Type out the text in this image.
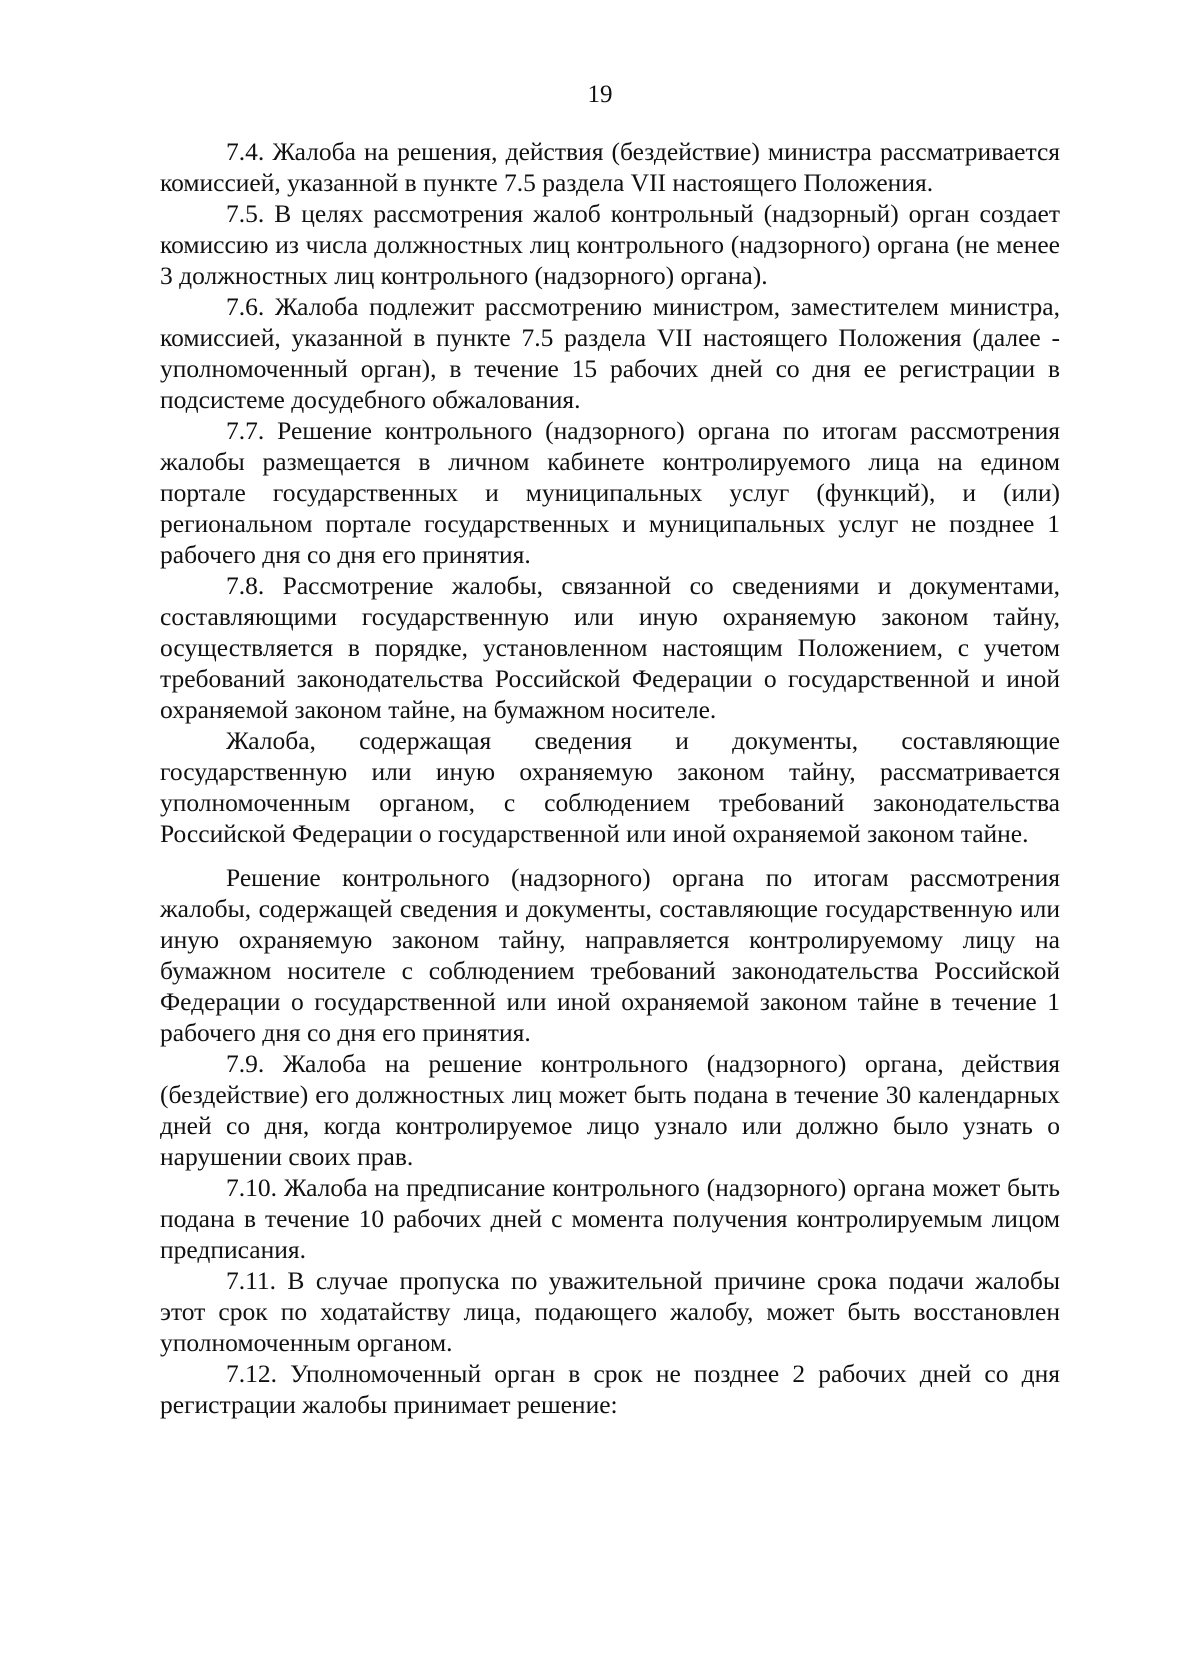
19

7.4. Жалоба на решения, действия (бездействие) министра рассматривается комиссией, указанной в пункте 7.5 раздела VII настоящего Положения.

7.5. В целях рассмотрения жалоб контрольный (надзорный) орган создает комиссию из числа должностных лиц контрольного (надзорного) органа (не менее 3 должностных лиц контрольного (надзорного) органа).

7.6. Жалоба подлежит рассмотрению министром, заместителем министра, комиссией, указанной в пункте 7.5 раздела VII настоящего Положения (далее - уполномоченный орган), в течение 15 рабочих дней со дня ее регистрации в подсистеме досудебного обжалования.

7.7. Решение контрольного (надзорного) органа по итогам рассмотрения жалобы размещается в личном кабинете контролируемого лица на едином портале государственных и муниципальных услуг (функций), и (или) региональном портале государственных и муниципальных услуг не позднее 1 рабочего дня со дня его принятия.

7.8. Рассмотрение жалобы, связанной со сведениями и документами, составляющими государственную или иную охраняемую законом тайну, осуществляется в порядке, установленном настоящим Положением, с учетом требований законодательства Российской Федерации о государственной и иной охраняемой законом тайне, на бумажном носителе.

Жалоба, содержащая сведения и документы, составляющие государственную или иную охраняемую законом тайну, рассматривается уполномоченным органом, с соблюдением требований законодательства Российской Федерации о государственной или иной охраняемой законом тайне.

Решение контрольного (надзорного) органа по итогам рассмотрения жалобы, содержащей сведения и документы, составляющие государственную или иную охраняемую законом тайну, направляется контролируемому лицу на бумажном носителе с соблюдением требований законодательства Российской Федерации о государственной или иной охраняемой законом тайне в течение 1 рабочего дня со дня его принятия.

7.9. Жалоба на решение контрольного (надзорного) органа, действия (бездействие) его должностных лиц может быть подана в течение 30 календарных дней со дня, когда контролируемое лицо узнало или должно было узнать о нарушении своих прав.

7.10. Жалоба на предписание контрольного (надзорного) органа может быть подана в течение 10 рабочих дней с момента получения контролируемым лицом предписания.

7.11. В случае пропуска по уважительной причине срока подачи жалобы этот срок по ходатайству лица, подающего жалобу, может быть восстановлен уполномоченным органом.

7.12. Уполномоченный орган в срок не позднее 2 рабочих дней со дня регистрации жалобы принимает решение:
